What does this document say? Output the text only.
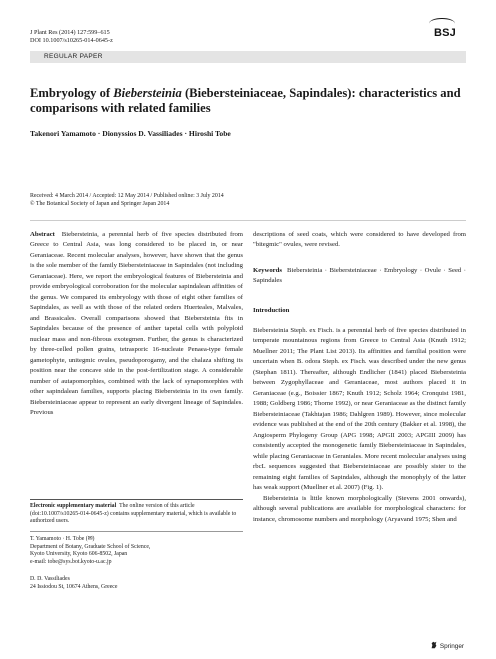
J Plant Res (2014) 127:599–615
DOI 10.1007/s10265-014-0645-z
BSJ
REGULAR PAPER
Embryology of Biebersteinia (Biebersteiniaceae, Sapindales): characteristics and comparisons with related families
Takenori Yamamoto · Dionyssios D. Vassiliades · Hiroshi Tobe
Received: 4 March 2014 / Accepted: 12 May 2014 / Published online: 3 July 2014
© The Botanical Society of Japan and Springer Japan 2014

Abstract Biebersteinia, a perennial herb of five species distributed from Greece to Central Asia, was long considered to be placed in, or near Geraniaceae. Recent molecular analyses, however, have shown that the genus is the sole member of the family Biebersteiniaceae in Sapindales (not including Geraniaceae). Here, we report the embryological features of Biebersteinia and provide embryological corroboration for the molecular sapindalean affinities of the genus. We compared its embryology with those of eight other families of Sapindales, as well as with those of the related orders Huerteales, Malvales, and Brassicales. Overall comparisons showed that Biebersteinia fits in Sapindales because of the presence of anther tapetal cells with polyploid nuclear mass and non-fibrous exotegmen. Further, the genus is characterized by three-celled pollen grains, tetrasporic 16-nucleate Penaea-type female gametophyte, unitegmic ovules, pseudoporogamy, and the chalaza shifting its position near the concave side in the post-fertilization stage. A considerable number of autapomorphies, combined with the lack of synapomorphies with other sapindalean families, supports placing Biebersteinia in its own family. Biebersteiniaceae appear to represent an early divergent lineage of Sapindales. Previous

descriptions of seed coats, which were considered to have developed from "bitegmic" ovules, were revised.

Keywords Biebersteinia · Biebersteiniaceae · Embryology · Ovule · Seed · Sapindales

Introduction

Biebersteinia Steph. ex Fisch. is a perennial herb of five species distributed in temperate mountainous regions from Greece to Central Asia (Knuth 1912; Muellner 2011; The Plant List 2013). Its affinities and familial position were uncertain when B. odora Steph. ex Fisch. was described under the new genus (Stephan 1811). Thereafter, although Endlicher (1841) placed Biebersteinia between Zygophyllaceae and Geraniaceae, most authors placed it in Geraniaceae (e.g., Boissier 1867; Knuth 1912; Scholz 1964; Cronquist 1981, 1988; Goldberg 1986; Thorne 1992), or near Geraniaceae as the distinct family Biebersteiniaceae (Takhtajan 1986; Dahlgren 1989). However, since molecular evidence was published at the end of the 20th century (Bakker et al. 1998), the Angiosperm Phylogeny Group (APG 1998; APGII 2003; APGIII 2009) has consistently accepted the monogenetic family Biebersteiniaceae in Sapindales, while placing Geraniaceae in Geraniales. More recent molecular analyses using rbcL sequences suggested that Biebersteiniaceae are possibly sister to the remaining eight families of Sapindales, although the monophyly of the latter has weak support (Muellner et al. 2007) (Fig. 1).

Biebersteinia is little known morphologically (Stevens 2001 onwards), although several publications are available for morphological characters: for instance, chromosome numbers and morphology (Aryavand 1975; Shen and

Electronic supplementary material The online version of this article (doi:10.1007/s10265-014-0645-z) contains supplementary material, which is available to authorized users.
T. Yamamoto · H. Tobe (✉)
Department of Botany, Graduate School of Science,
Kyoto University, Kyoto 606-8502, Japan
e-mail: tobe@sys.bot.kyoto-u.ac.jp
D. D. Vassiliades
24 Issiodou St, 10674 Athens, Greece
Springer
